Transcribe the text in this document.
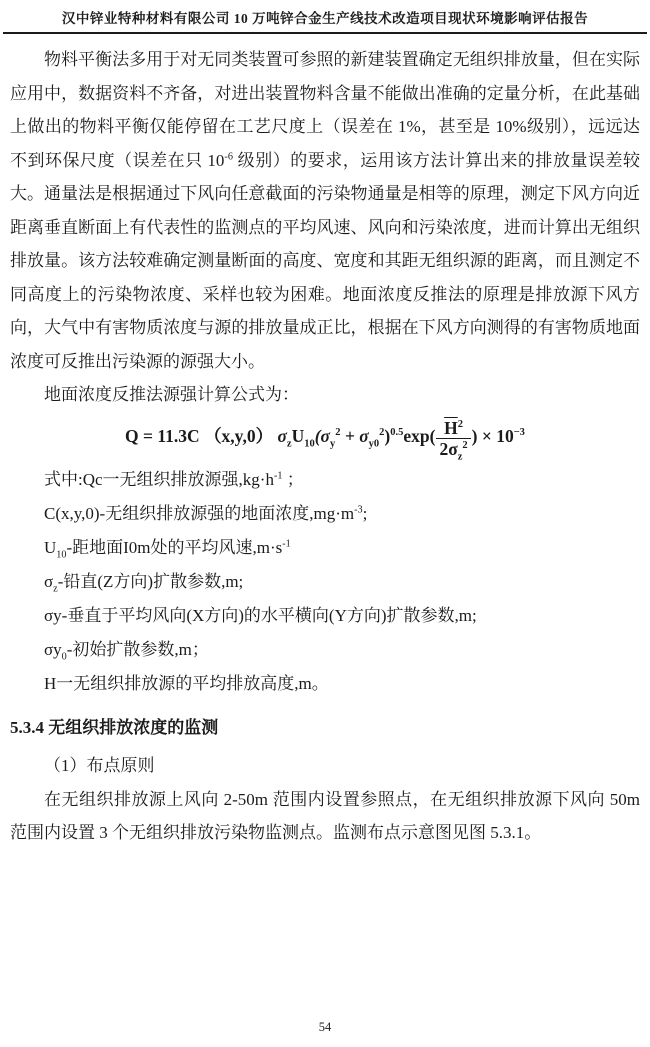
汉中锌业特种材料有限公司 10 万吨锌合金生产线技术改造项目现状环境影响评估报告

物料平衡法多用于对无同类装置可参照的新建装置确定无组织排放量，但在实际应用中，数据资料不齐备，对进出装置物料含量不能做出准确的定量分析，在此基础上做出的物料平衡仅能停留在工艺尺度上（误差在 1%，甚至是 10%级别），远远达不到环保尺度（误差在只 $10^{-6}$ 级别）的要求，运用该方法计算出来的排放量误差较大。通量法是根据通过下风向任意截面的污染物通量是相等的原理，测定下风方向近距离垂直断面上有代表性的监测点的平均风速、风向和污染浓度，进而计算出无组织排放量。该方法较难确定测量断面的高度、宽度和其距无组织源的距离，而且测定不同高度上的污染物浓度、采样也较为困难。地面浓度反推法的原理是排放源下风方向，大气中有害物质浓度与源的排放量成正比，根据在下风方向测得的有害物质地面浓度可反推出污染源的源强大小。

地面浓度反推法源强计算公式为：

Q = 11.3C （x,y,0） $\sigma_zU_{10}(\sigma_y^2 + \sigma_{y0}^2)^{0.5}\exp( \frac{\overline{H}^2}{2\sigma_z^2}$ ) × $10^{-3}$

式中:Qc一无组织排放源强$,kg\cdot h^{-1}$ ；

C(x,y,0)-无组织排放源强的地面浓度$,mg\cdot m^{-3}$;

$U_{10}-$距地面I0m处的平均风速$,m\cdot s^{-1}$

$\sigma_z-$铅直(Z方向)扩散参数,m;

σy-垂直于平均风向(X方向)的水平横向(Y方向)扩散参数,m;

$\sigma y_0-$初始扩散参数,m；

H一无组织排放源的平均排放高度,m。

5.3.4 无组织排放浓度的监测

（1）布点原则

在无组织排放源上风向 2-50m 范围内设置参照点，在无组织排放源下风向 50m 范围内设置 3 个无组织排放污染物监测点。监测布点示意图见图 5.3.1。

54
